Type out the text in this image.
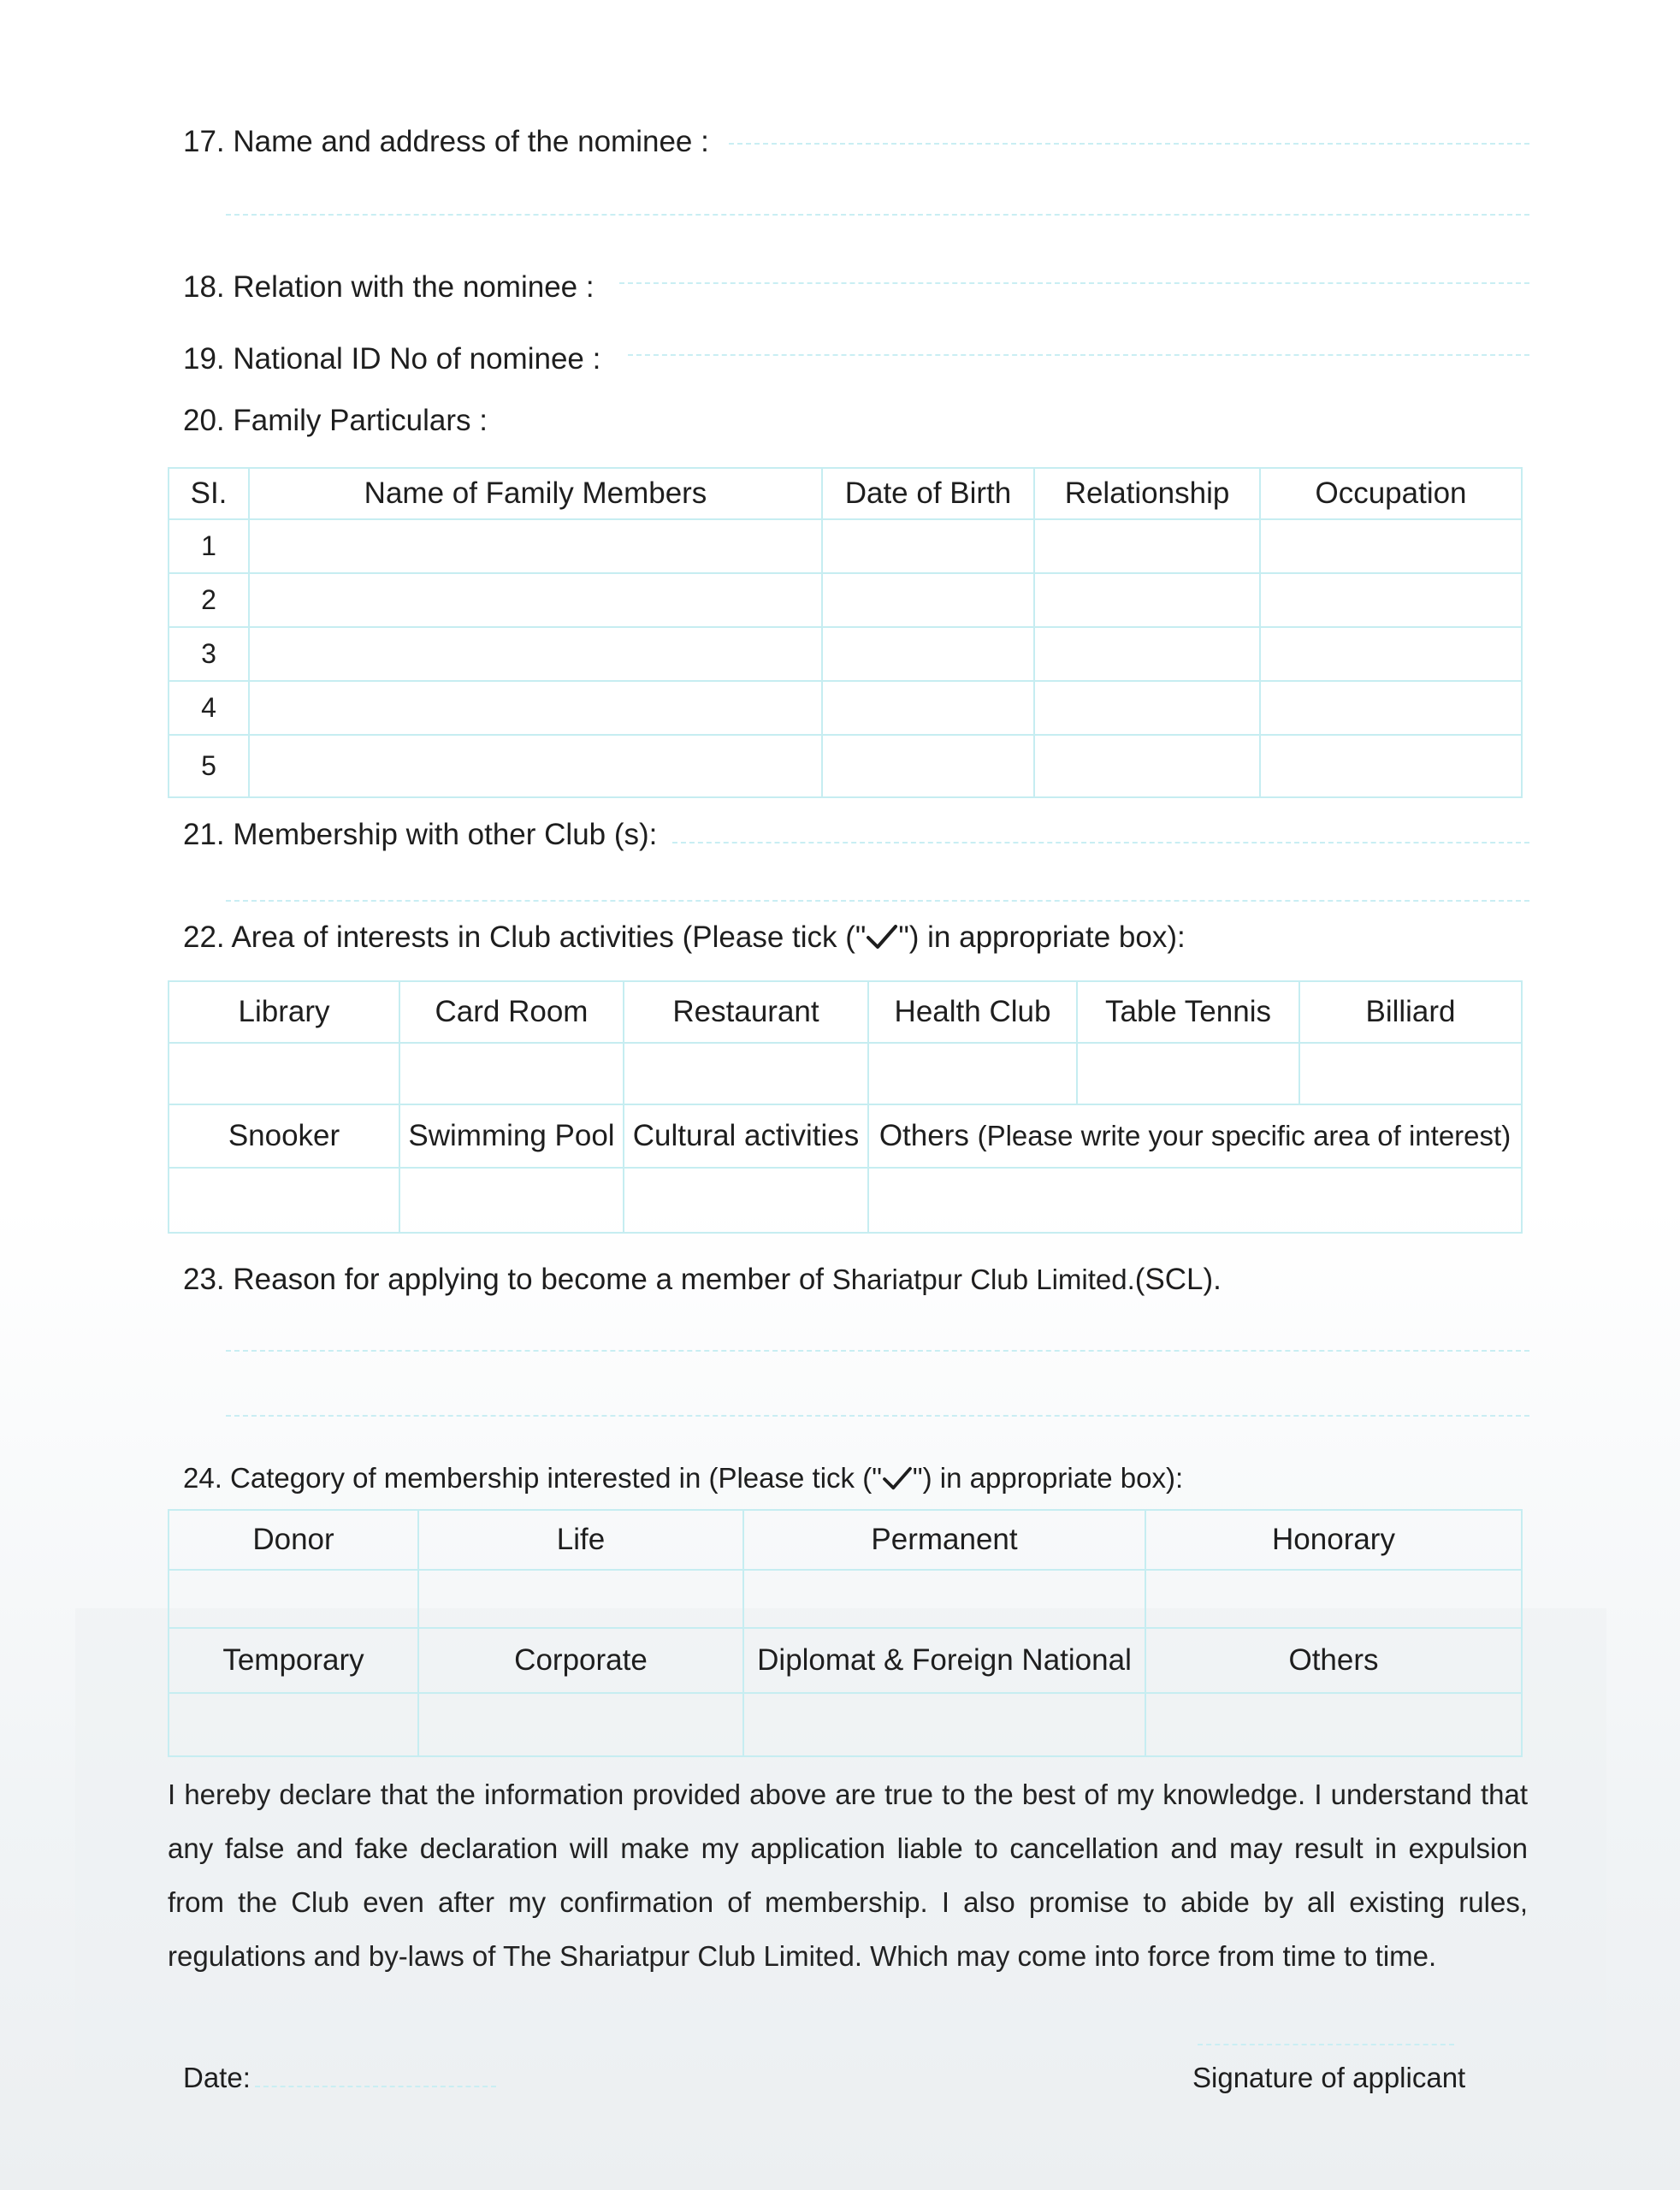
17. Name and address of the nominee :
18. Relation with the nominee :
19. National ID No of nominee :
20. Family Particulars :
SI.	Name of Family Members	Date of Birth	Relationship	Occupation
1				
2				
3				
4				
5				
21. Membership with other Club (s):
22. Area of interests in Club activities (Please tick (" ") in appropriate box):
Library	Card Room	Restaurant	Health Club	Table Tennis	Billiard

Snooker	Swimming Pool	Cultural activities	Others (Please write your specific area of interest)		

23. Reason for applying to become a member of Shariatpur Club Limited.(SCL).
24. Category of membership interested in (Please tick (" ") in appropriate box):
Donor	Life	Permanent	Honorary

Temporary	Corporate	Diplomat & Foreign National	Others

I hereby declare that the information provided above are true to the best of my knowledge. I understand that any false and fake declaration will make my application liable to cancellation and may result in expulsion from the Club even after my confirmation of membership. I also promise to abide by all existing rules, regulations and by-laws of The Shariatpur Club Limited. Which may come into force from time to time.
Date:	Signature of applicant
